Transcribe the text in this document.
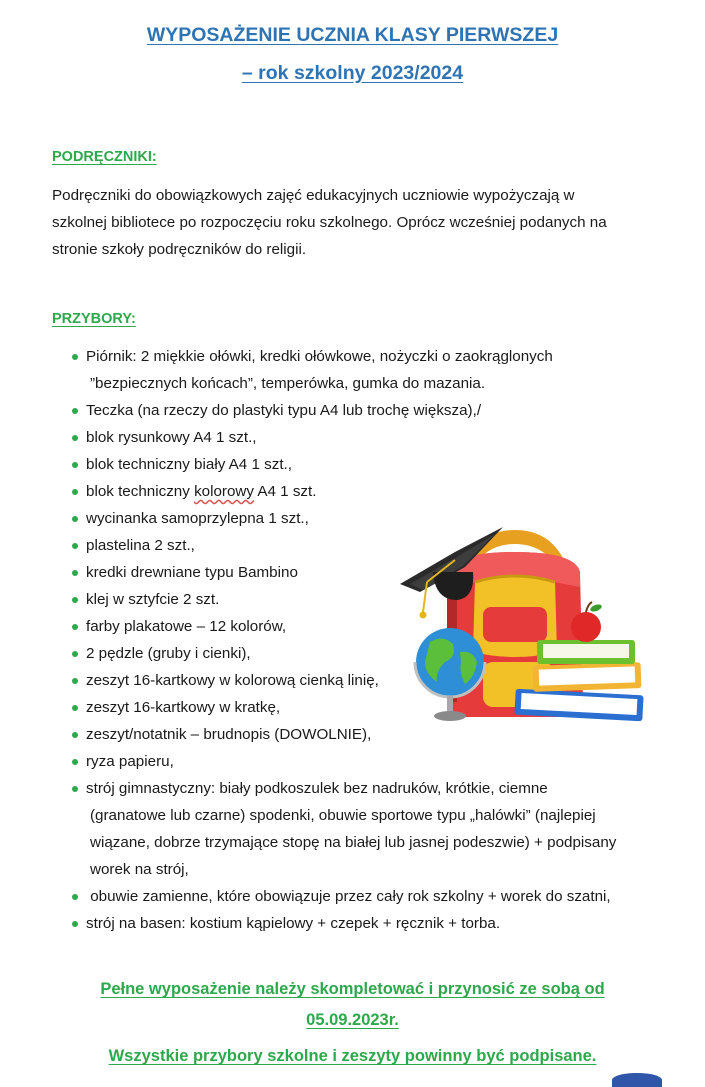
WYPOSAŻENIE UCZNIA KLASY PIERWSZEJ
– rok szkolny 2023/2024
PODRĘCZNIKI:
Podręczniki do obowiązkowych zajęć edukacyjnych uczniowie wypożyczają w
szkolnej bibliotece po rozpoczęciu roku szkolnego. Oprócz wcześniej podanych na
stronie szkoły podręczników do religii.
PRZYBORY:
Piórnik: 2 miękkie ołówki, kredki ołówkowe, nożyczki o zaokrąglonych
”bezpiecznych końcach”, temperówka, gumka do mazania.
Teczka (na rzeczy do plastyki typu A4 lub trochę większa),/
blok rysunkowy A4 1 szt.,
blok techniczny biały A4 1 szt.,
blok techniczny kolorowy A4 1 szt.
wycinanka samoprzylepna 1 szt.,
plastelina 2 szt.,
kredki drewniane typu Bambino
klej w sztyfcie 2 szt.
farby plakatowe – 12 kolorów,
2 pędzle (gruby i cienki),
zeszyt 16-kartkowy w kolorową cienką linię,
zeszyt 16-kartkowy w kratkę,
zeszyt/notatnik – brudnopis (DOWOLNIE),
ryza papieru,
strój gimnastyczny: biały podkoszulek bez nadruków, krótkie, ciemne
(granatowe lub czarne) spodenki, obuwie sportowe typu „halówki” (najlepiej
wiązane, dobrze trzymające stopę na białej lub jasnej podeszwie) + podpisany
worek na strój,
obuwie zamienne, które obowiązuje przez cały rok szkolny + worek do szatni,
strój na basen: kostium kąpielowy + czepek + ręcznik + torba.
Pełne wyposażenie należy skompletować i przynosić ze sobą od
05.09.2023r.
Wszystkie przybory szkolne i zeszyty powinny być podpisane.
